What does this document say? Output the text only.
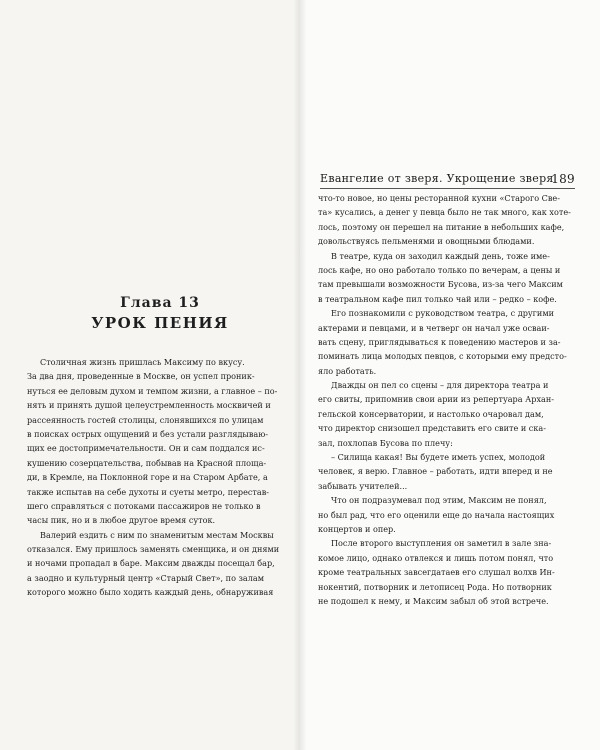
Евангелие от зверя. Укрощение зверя
189
Глава 13
УРОК ПЕНИЯ
Столичная жизнь пришлась Максиму по вкусу.
За два дня, проведенные в Москве, он успел проник-
нуться ее деловым духом и темпом жизни, а главное – по-
нять и принять душой целеустремленность москвичей и
рассеянность гостей столицы, слонявшихся по улицам
в поисках острых ощущений и без устали разглядываю-
щих ее достопримечательности. Он и сам поддался ис-
кушению созерцательства, побывав на Красной площа-
ди, в Кремле, на Поклонной горе и на Старом Арбате, а
также испытав на себе духоты и суеты метро, перестав-
шего справляться с потоками пассажиров не только в
часы пик, но и в любое другое время суток.
Валерий ездить с ним по знаменитым местам Москвы
отказался. Ему пришлось заменять сменщика, и он днями
и ночами пропадал в баре. Максим дважды посещал бар,
а заодно и культурный центр «Старый Свет», по залам
которого можно было ходить каждый день, обнаруживая
что-то новое, но цены ресторанной кухни «Старого Све-
та» кусались, а денег у певца было не так много, как хоте-
лось, поэтому он перешел на питание в небольших кафе,
довольствуясь пельменями и овощными блюдами.
В театре, куда он заходил каждый день, тоже име-
лось кафе, но оно работало только по вечерам, а цены и
там превышали возможности Бусова, из-за чего Максим
в театральном кафе пил только чай или – редко – кофе.
Его познакомили с руководством театра, с другими
актерами и певцами, и в четверг он начал уже осваи-
вать сцену, приглядываться к поведению мастеров и за-
поминать лица молодых певцов, с которыми ему предсто-
яло работать.
Дважды он пел со сцены – для директора театра и
его свиты, припомнив свои арии из репертуара Архан-
гельской консерватории, и настолько очаровал дам,
что директор снизошел представить его свите и ска-
зал, похлопав Бусова по плечу:
– Силища какая! Вы будете иметь успех, молодой
человек, я верю. Главное – работать, идти вперед и не
забывать учителей...
Что он подразумевал под этим, Максим не понял,
но был рад, что его оценили еще до начала настоящих
концертов и опер.
После второго выступления он заметил в зале зна-
комое лицо, однако отвлекся и лишь потом понял, что
кроме театральных завсегдатаев его слушал волхв Ин-
нокентий, потворник и летописец Рода. Но потворник
не подошел к нему, и Максим забыл об этой встрече.
